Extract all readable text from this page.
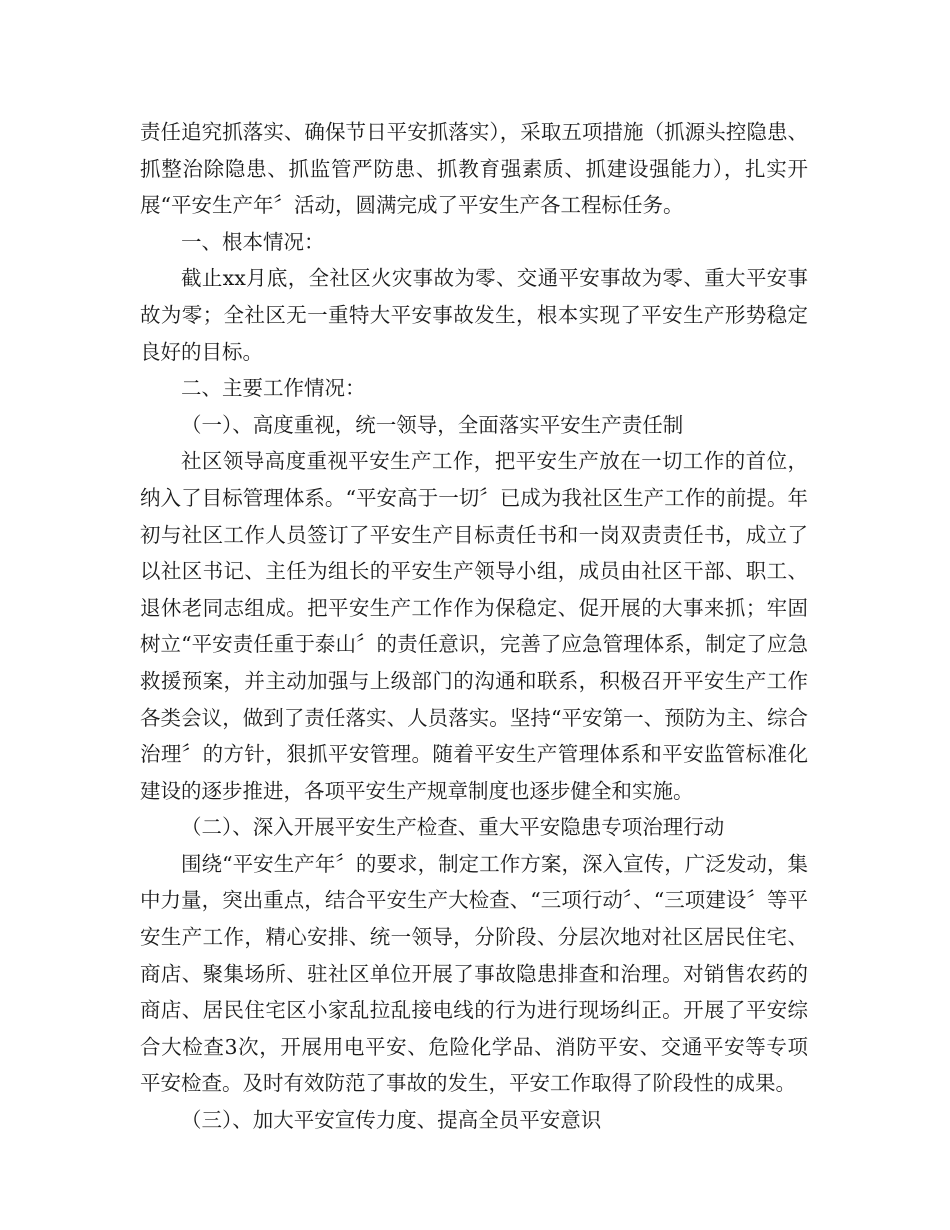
责任追究抓落实、确保节日平安抓落实），采取五项措施（抓源头控隐患、抓整治除隐患、抓监管严防患、抓教育强素质、抓建设强能力），扎实开展“平安生产年〞活动，圆满完成了平安生产各工程标任务。

一、根本情况：

截止xx月底，全社区火灾事故为零、交通平安事故为零、重大平安事故为零；全社区无一重特大平安事故发生，根本实现了平安生产形势稳定良好的目标。

二、主要工作情况：

（一）、高度重视，统一领导，全面落实平安生产责任制

社区领导高度重视平安生产工作，把平安生产放在一切工作的首位，纳入了目标管理体系。“平安高于一切〞已成为我社区生产工作的前提。年初与社区工作人员签订了平安生产目标责任书和一岗双责责任书，成立了以社区书记、主任为组长的平安生产领导小组，成员由社区干部、职工、退休老同志组成。把平安生产工作作为保稳定、促开展的大事来抓；牢固树立“平安责任重于泰山〞的责任意识，完善了应急管理体系，制定了应急救援预案，并主动加强与上级部门的沟通和联系，积极召开平安生产工作各类会议，做到了责任落实、人员落实。坚持“平安第一、预防为主、综合治理〞的方针，狠抓平安管理。随着平安生产管理体系和平安监管标准化建设的逐步推进，各项平安生产规章制度也逐步健全和实施。

（二）、深入开展平安生产检查、重大平安隐患专项治理行动

围绕“平安生产年〞的要求，制定工作方案，深入宣传，广泛发动，集中力量，突出重点，结合平安生产大检查、“三项行动〞、“三项建设〞等平安生产工作，精心安排、统一领导，分阶段、分层次地对社区居民住宅、商店、聚集场所、驻社区单位开展了事故隐患排查和治理。对销售农药的商店、居民住宅区小家乱拉乱接电线的行为进行现场纠正。开展了平安综合大检查3次，开展用电平安、危险化学品、消防平安、交通平安等专项平安检查。及时有效防范了事故的发生，平安工作取得了阶段性的成果。

（三）、加大平安宣传力度、提高全员平安意识
